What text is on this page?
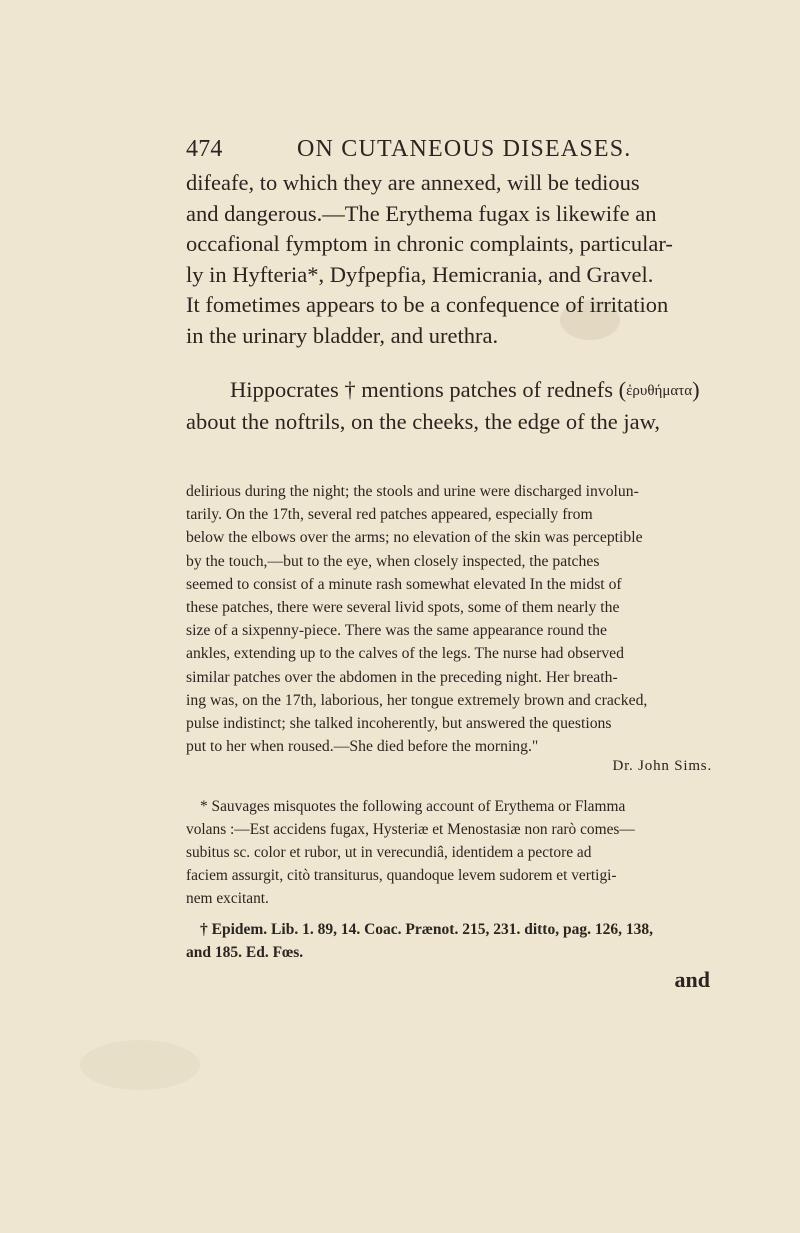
474	ON CUTANEOUS DISEASES.
difeafe, to which they are annexed, will be tedious
and dangerous.—The Erythema fugax is likewife an
occafional fymptom in chronic complaints, particular-
ly in Hyfteria*, Dyfpepfia, Hemicrania, and Gravel.
It fometimes appears to be a confequence of irritation
in the urinary bladder, and urethra.
Hippocrates † mentions patches of rednefs (ἐρυθήματα)
about the noftrils, on the cheeks, the edge of the jaw,
delirious during the night; the stools and urine were discharged involun-
tarily. On the 17th, several red patches appeared, especially from
below the elbows over the arms; no elevation of the skin was perceptible
by the touch,—but to the eye, when closely inspected, the patches
seemed to consist of a minute rash somewhat elevated In the midst of
these patches, there were several livid spots, some of them nearly the
size of a sixpenny-piece. There was the same appearance round the
ankles, extending up to the calves of the legs. The nurse had observed
similar patches over the abdomen in the preceding night. Her breath-
ing was, on the 17th, laborious, her tongue extremely brown and cracked,
pulse indistinct; she talked incoherently, but answered the questions
put to her when roused.—She died before the morning."
Dr. John Sims.
* Sauvages misquotes the following account of Erythema or Flamma
volans :—Est accidens fugax, Hysteriæ et Menostasiæ non rarò comes—
subitus sc. color et rubor, ut in verecundiâ, identidem a pectore ad
faciem assurgit, citò transiturus, quandoque levem sudorem et vertigi-
nem excitant.
† Epidem. Lib. 1. 89, 14. Coac. Prænot. 215, 231. ditto, pag. 126, 138,
and 185. Ed. Fœs.
and
